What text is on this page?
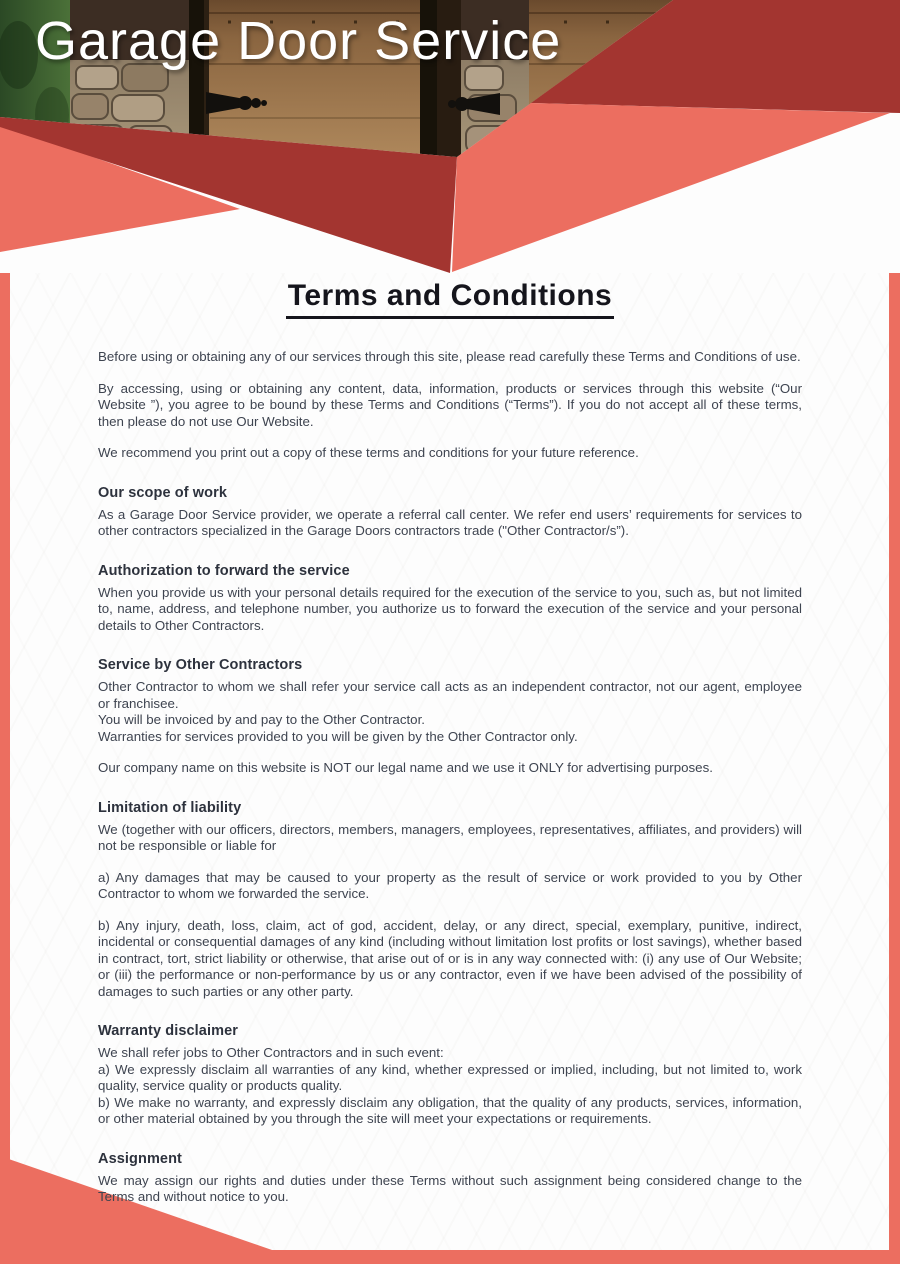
Garage Door Service
Terms and Conditions

Before using or obtaining any of our services through this site, please read carefully these Terms and Conditions of use.

By accessing, using or obtaining any content, data, information, products or services through this website (“Our Website ”), you agree to be bound by these Terms and Conditions (“Terms”). If you do not accept all of these terms, then please do not use Our Website.

We recommend you print out a copy of these terms and conditions for your future reference.

Our scope of work

As a Garage Door Service provider, we operate a referral call center. We refer end users’ requirements for services to other contractors specialized in the Garage Doors contractors trade ("Other Contractor/s”).

Authorization to forward the service

When you provide us with your personal details required for the execution of the service to you, such as, but not limited to, name, address, and telephone number, you authorize us to forward the execution of the service and your personal details to Other Contractors.

Service by Other Contractors

Other Contractor to whom we shall refer your service call acts as an independent contractor, not our agent, employee or franchisee.

You will be invoiced by and pay to the Other Contractor.

Warranties for services provided to you will be given by the Other Contractor only.

Our company name on this website is NOT our legal name and we use it ONLY for advertising purposes.

Limitation of liability

We (together with our officers, directors, members, managers, employees, representatives, affiliates, and providers) will not be responsible or liable for

a) Any damages that may be caused to your property as the result of service or work provided to you by Other Contractor to whom we forwarded the service.

b) Any injury, death, loss, claim, act of god, accident, delay, or any direct, special, exemplary, punitive, indirect, incidental or consequential damages of any kind (including without limitation lost profits or lost savings), whether based in contract, tort, strict liability or otherwise, that arise out of or is in any way connected with: (i) any use of Our Website; or (iii) the performance or non-performance by us or any contractor, even if we have been advised of the possibility of damages to such parties or any other party.

Warranty disclaimer

We shall refer jobs to Other Contractors and in such event:

a) We expressly disclaim all warranties of any kind, whether expressed or implied, including, but not limited to, work quality, service quality or products quality.

b) We make no warranty, and expressly disclaim any obligation, that the quality of any products, services, information, or other material obtained by you through the site will meet your expectations or requirements.

Assignment

We may assign our rights and duties under these Terms without such assignment being considered change to the Terms and without notice to you.
